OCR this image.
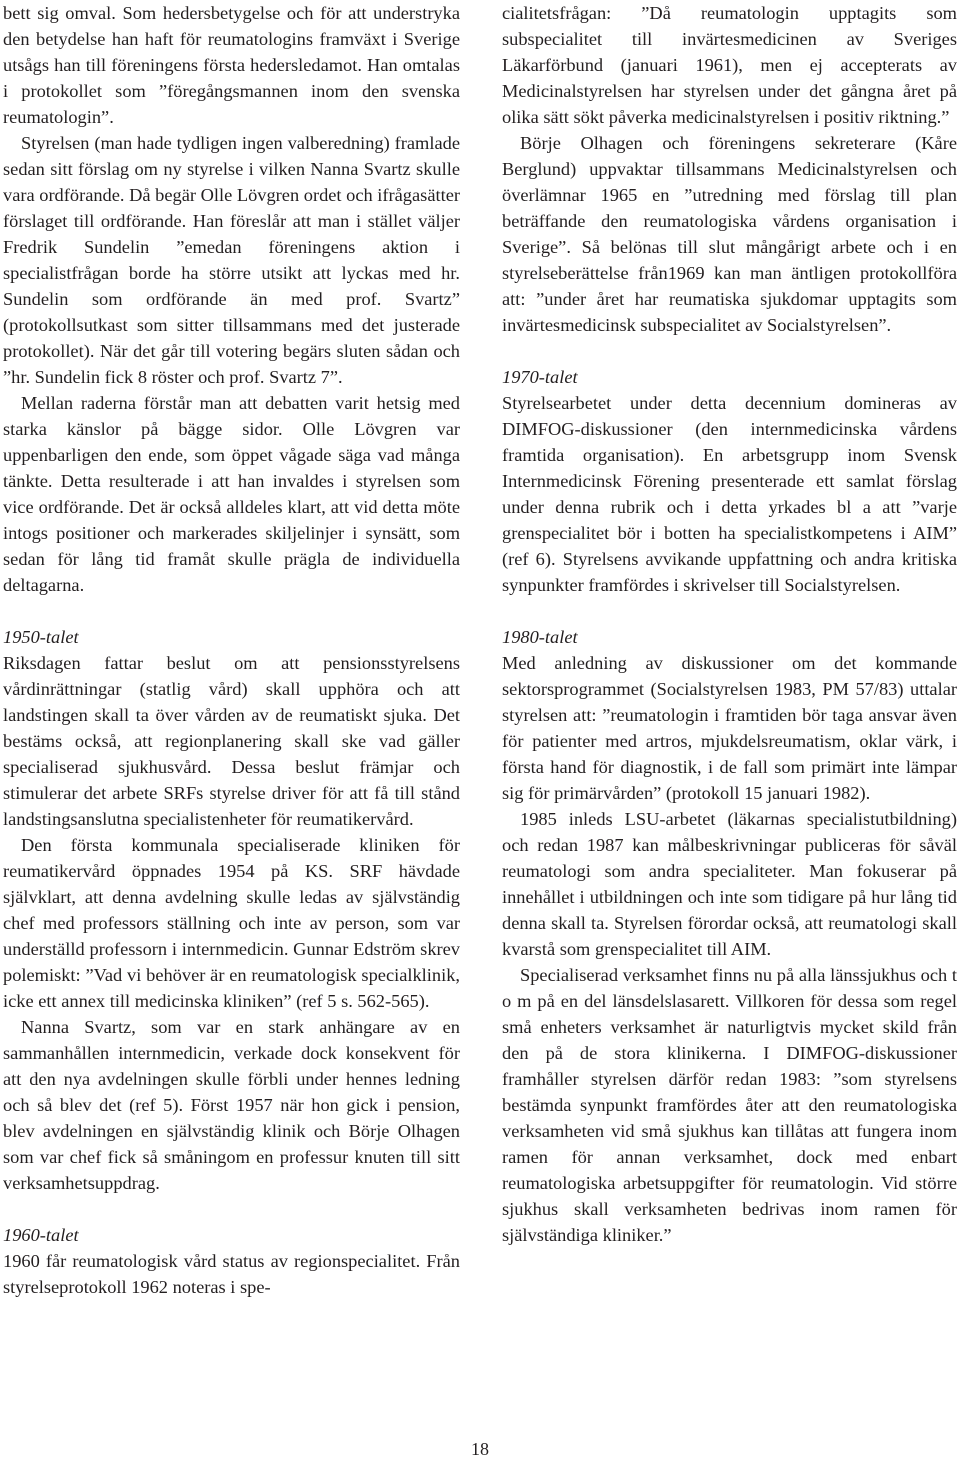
bett sig omval. Som hedersbetygelse och för att understryka den betydelse han haft för reumatologins framväxt i Sverige utsågs han till föreningens första hedersledamot. Han omtalas i protokollet som ”föregångsmannen inom den svenska reumatologin”.

Styrelsen (man hade tydligen ingen valberedning) framlade sedan sitt förslag om ny styrelse i vilken Nanna Svartz skulle vara ordförande. Då begär Olle Lövgren ordet och ifrågasätter förslaget till ordförande. Han föreslår att man i stället väljer Fredrik Sundelin ”emedan föreningens aktion i specialistfrågan borde ha större utsikt att lyckas med hr. Sundelin som ordförande än med prof. Svartz” (protokollsutkast som sitter tillsammans med det justerade protokollet). När det går till votering begärs sluten sådan och ”hr. Sundelin fick 8 röster och prof. Svartz 7”.

Mellan raderna förstår man att debatten varit hetsig med starka känslor på bägge sidor. Olle Lövgren var uppenbarligen den ende, som öppet vågade säga vad många tänkte. Detta resulterade i att han invaldes i styrelsen som vice ordförande. Det är också alldeles klart, att vid detta möte intogs positioner och markerades skiljelinjer i synsätt, som sedan för lång tid framåt skulle prägla de individuella deltagarna.

1950-talet

Riksdagen fattar beslut om att pensionsstyrelsens vårdinrättningar (statlig vård) skall upphöra och att landstingen skall ta över vården av de reumatiskt sjuka. Det bestäms också, att regionplanering skall ske vad gäller specialiserad sjukhusvård. Dessa beslut främjar och stimulerar det arbete SRFs styrelse driver för att få till stånd landstingsanslutna specialistenheter för reumatikervård.

Den första kommunala specialiserade kliniken för reumatikervård öppnades 1954 på KS. SRF hävdade självklart, att denna avdelning skulle ledas av självständig chef med professors ställning och inte av person, som var underställd professorn i internmedicin. Gunnar Edström skrev polemiskt: ”Vad vi behöver är en reumatologisk specialklinik, icke ett annex till medicinska kliniken” (ref 5 s. 562-565).

Nanna Svartz, som var en stark anhängare av en sammanhållen internmedicin, verkade dock konsekvent för att den nya avdelningen skulle förbli under hennes ledning och så blev det (ref 5). Först 1957 när hon gick i pension, blev avdelningen en självständig klinik och Börje Olhagen som var chef fick så småningom en professur knuten till sitt verksamhetsuppdrag.

1960-talet

1960 får reumatologisk vård status av regionspecialitet. Från styrelseprotokoll 1962 noteras i spe-

cialitetsfrågan: ”Då reumatologin upptagits som subspecialitet till invärtesmedicinen av Sveriges Läkarförbund (januari 1961), men ej accepterats av Medicinalstyrelsen har styrelsen under det gångna året på olika sätt sökt påverka medicinalstyrelsen i positiv riktning.”

Börje Olhagen och föreningens sekreterare (Kåre Berglund) uppvaktar tillsammans Medicinalstyrelsen och överlämnar 1965 en ”utredning med förslag till plan beträffande den reumatologiska vårdens organisation i Sverige”. Så belönas till slut mångårigt arbete och i en styrelseberättelse från1969 kan man äntligen protokollföra att: ”under året har reumatiska sjukdomar upptagits som invärtesmedicinsk subspecialitet av Socialstyrelsen”.

1970-talet

Styrelsearbetet under detta decennium domineras av DIMFOG-diskussioner (den internmedicinska vårdens framtida organisation). En arbetsgrupp inom Svensk Internmedicinsk Förening presenterade ett samlat förslag under denna rubrik och i detta yrkades bl a att ”varje grenspecialitet bör i botten ha specialistkompetens i AIM” (ref 6). Styrelsens avvikande uppfattning och andra kritiska synpunkter framfördes i skrivelser till Socialstyrelsen.

1980-talet

Med anledning av diskussioner om det kommande sektorsprogrammet (Socialstyrelsen 1983, PM 57/83) uttalar styrelsen att: ”reumatologin i framtiden bör taga ansvar även för patienter med artros, mjukdelsreumatism, oklar värk, i första hand för diagnostik, i de fall som primärt inte lämpar sig för primärvården” (protokoll 15 januari 1982).

1985 inleds LSU-arbetet (läkarnas specialistutbildning) och redan 1987 kan målbeskrivningar publiceras för såväl reumatologi som andra specialiteter. Man fokuserar på innehållet i utbildningen och inte som tidigare på hur lång tid denna skall ta. Styrelsen förordar också, att reumatologi skall kvarstå som grenspecialitet till AIM.

Specialiserad verksamhet finns nu på alla länssjukhus och t o m på en del länsdelslasarett. Villkoren för dessa som regel små enheters verksamhet är naturligtvis mycket skild från den på de stora klinikerna. I DIMFOG-diskussioner framhåller styrelsen därför redan 1983: ”som styrelsens bestämda synpunkt framfördes åter att den reumatologiska verksamheten vid små sjukhus kan tillåtas att fungera inom ramen för annan verksamhet, dock med enbart reumatologiska arbetsuppgifter för reumatologin. Vid större sjukhus skall verksamheten bedrivas inom ramen för självständiga kliniker.”

18
